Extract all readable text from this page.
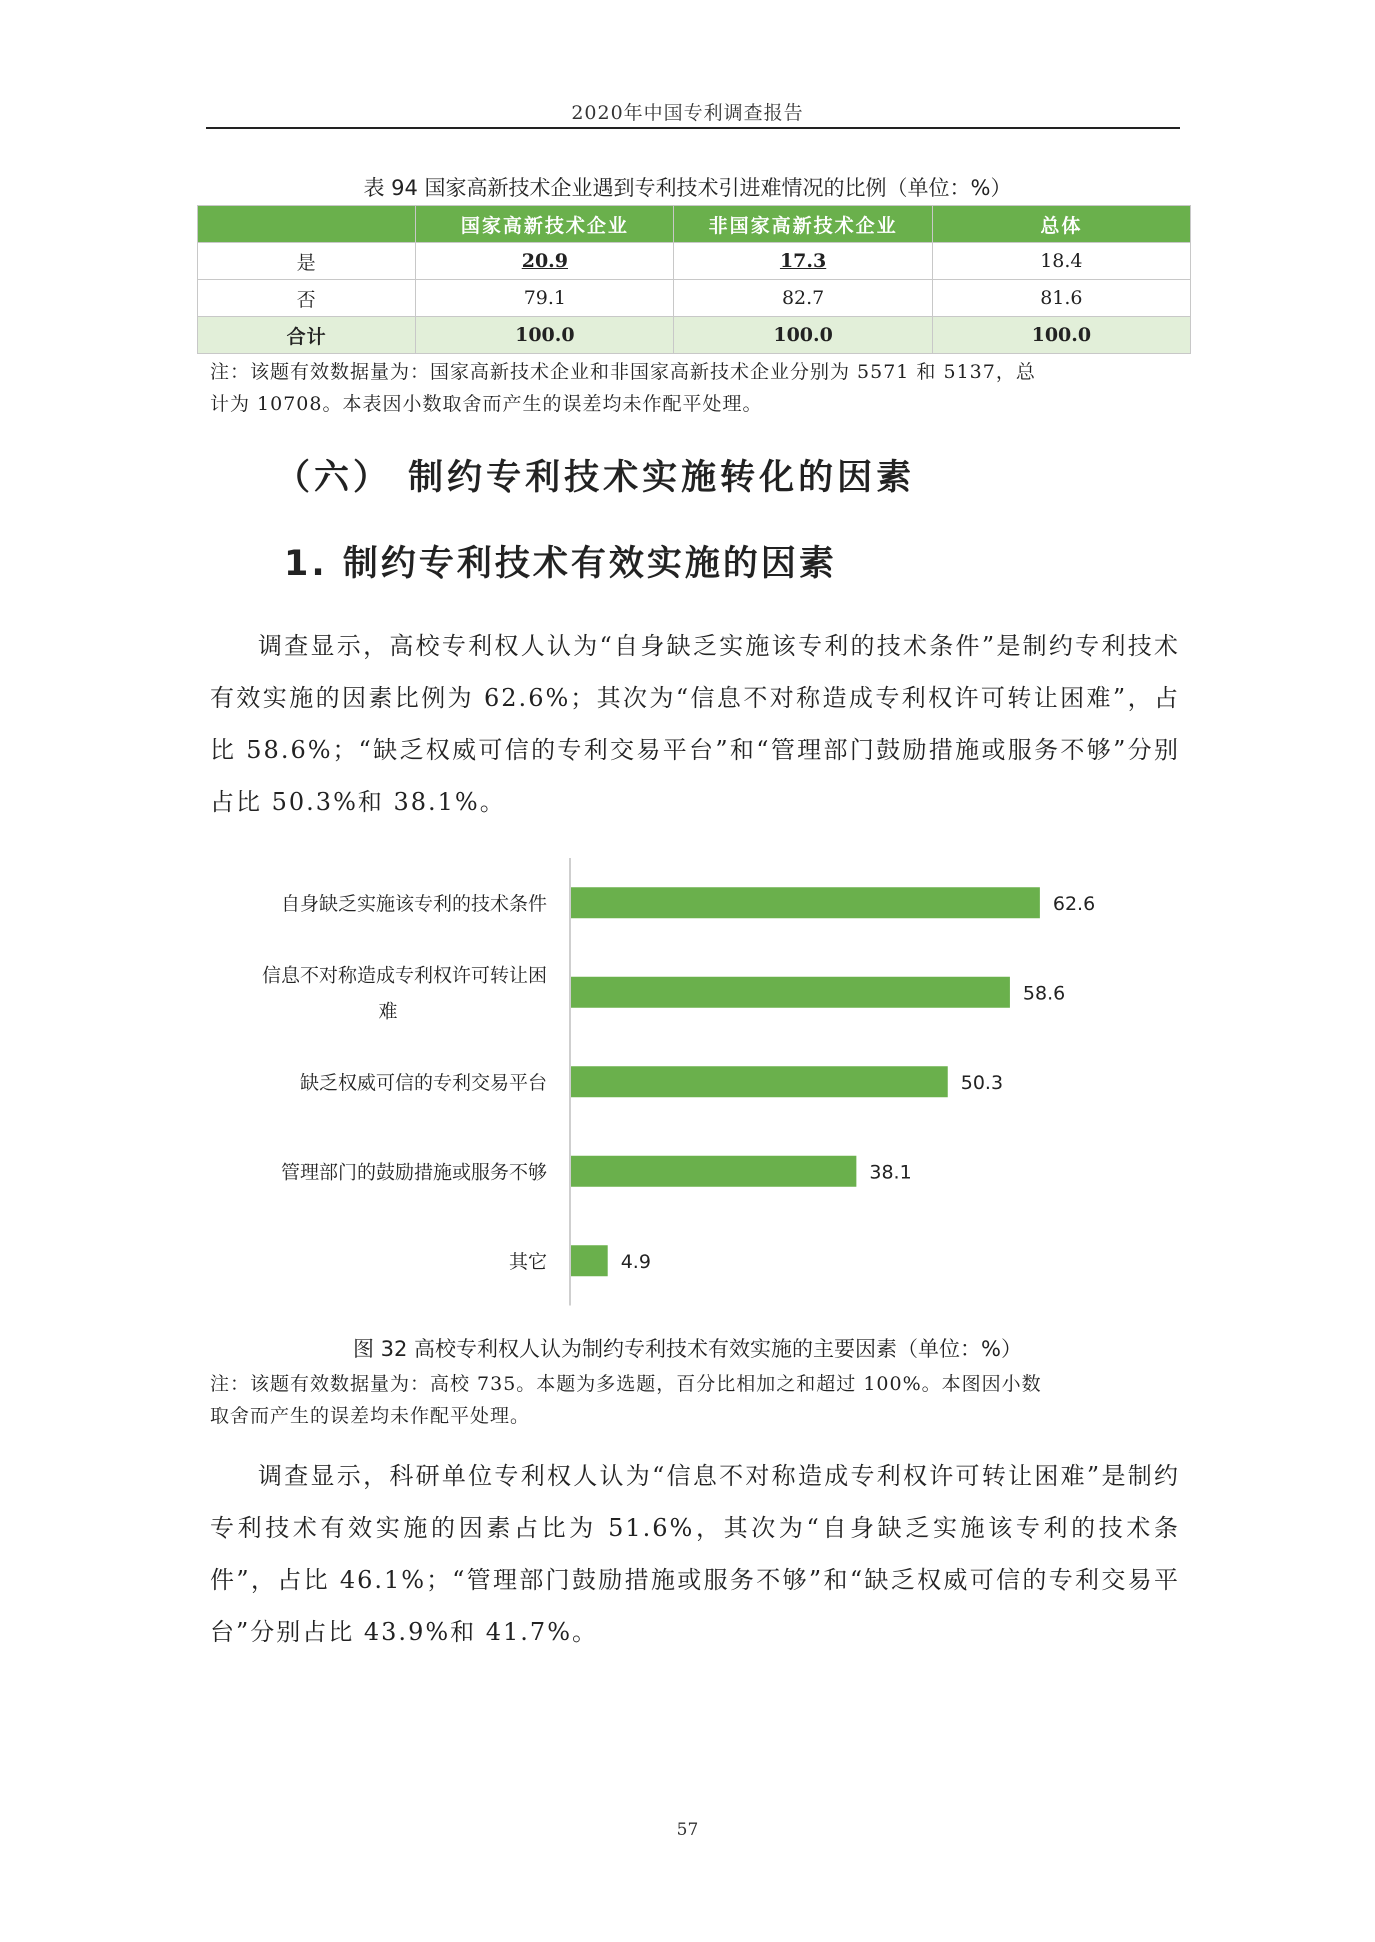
2020年中国专利调查报告
表 94 国家高新技术企业遇到专利技术引进难情况的比例（单位：%）
	国家高新技术企业	非国家高新技术企业	总体
是	20.9	17.3	18.4
否	79.1	82.7	81.6
合计	100.0	100.0	100.0
注：该题有效数据量为：国家高新技术企业和非国家高新技术企业分别为 5571 和 5137，总
计为 10708。本表因小数取舍而产生的误差均未作配平处理。
（六） 制约专利技术实施转化的因素
1. 制约专利技术有效实施的因素
调查显示，高校专利权人认为“自身缺乏实施该专利的技术条件”是制约专利技术有效实施的因素比例为 62.6%；其次为“信息不对称造成专利权许可转让困难”，占比 58.6%；“缺乏权威可信的专利交易平台”和“管理部门鼓励措施或服务不够”分别占比 50.3%和 38.1%。
62.6
自身缺乏实施该专利的技术条件
58.6
信息不对称造成专利权许可转让困
难
50.3
缺乏权威可信的专利交易平台
38.1
管理部门的鼓励措施或服务不够
4.9
其它
图 32 高校专利权人认为制约专利技术有效实施的主要因素（单位：%）
注：该题有效数据量为：高校 735。本题为多选题，百分比相加之和超过 100%。本图因小数
取舍而产生的误差均未作配平处理。
调查显示，科研单位专利权人认为“信息不对称造成专利权许可转让困难”是制约专利技术有效实施的因素占比为 51.6%，其次为“自身缺乏实施该专利的技术条件”，占比 46.1%；“管理部门鼓励措施或服务不够”和“缺乏权威可信的专利交易平台”分别占比 43.9%和 41.7%。
57
